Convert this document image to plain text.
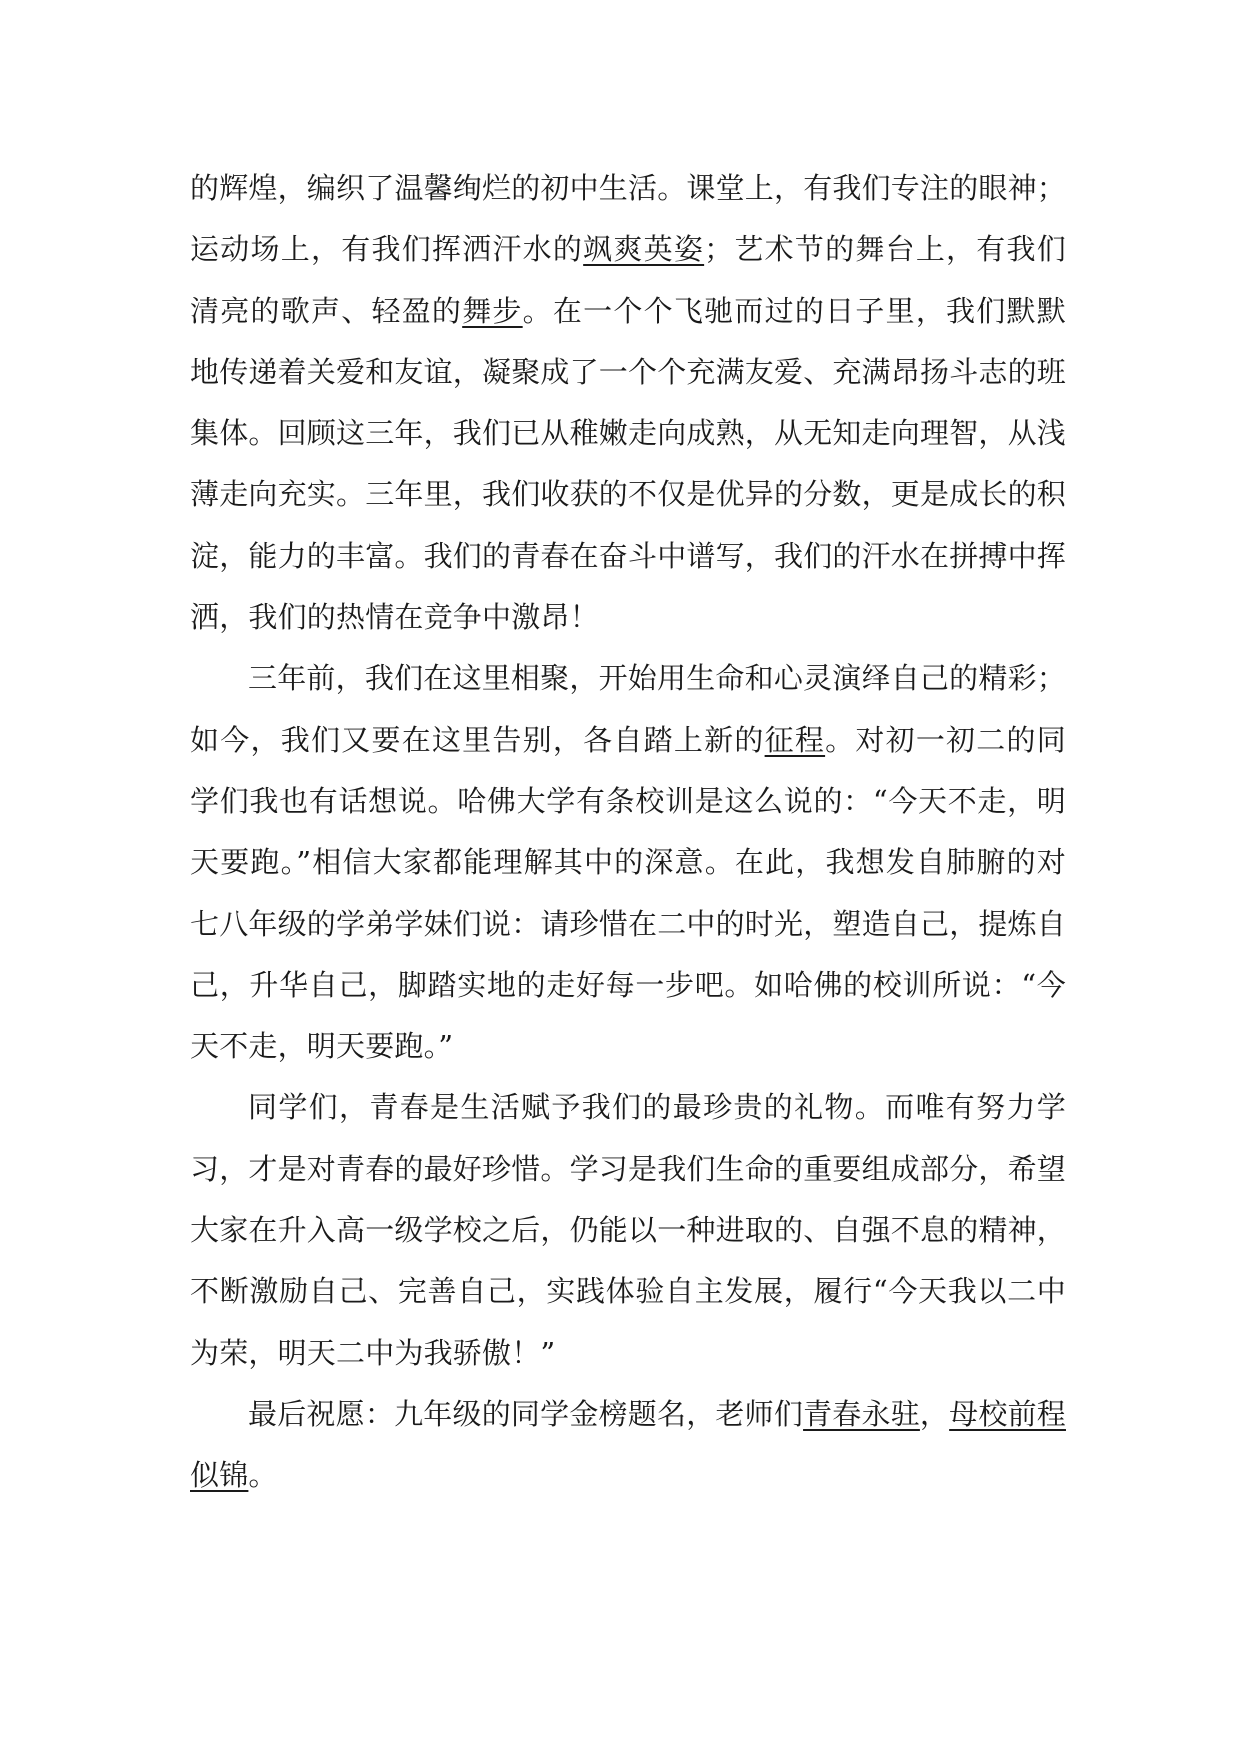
的辉煌，编织了温馨绚烂的初中生活。课堂上，有我们专注的眼神；运动场上，有我们挥洒汗水的飒爽英姿；艺术节的舞台上，有我们清亮的歌声、轻盈的舞步。在一个个飞驰而过的日子里，我们默默地传递着关爱和友谊，凝聚成了一个个充满友爱、充满昂扬斗志的班集体。回顾这三年，我们已从稚嫩走向成熟，从无知走向理智，从浅薄走向充实。三年里，我们收获的不仅是优异的分数，更是成长的积淀，能力的丰富。我们的青春在奋斗中谱写，我们的汗水在拼搏中挥洒，我们的热情在竞争中激昂！

三年前，我们在这里相聚，开始用生命和心灵演绎自己的精彩；如今，我们又要在这里告别，各自踏上新的征程。对初一初二的同学们我也有话想说。哈佛大学有条校训是这么说的：“今天不走，明天要跑。”相信大家都能理解其中的深意。在此，我想发自肺腑的对七八年级的学弟学妹们说：请珍惜在二中的时光，塑造自己，提炼自己，升华自己，脚踏实地的走好每一步吧。如哈佛的校训所说：“今天不走，明天要跑。”

同学们，青春是生活赋予我们的最珍贵的礼物。而唯有努力学习，才是对青春的最好珍惜。学习是我们生命的重要组成部分，希望大家在升入高一级学校之后，仍能以一种进取的、自强不息的精神，不断激励自己、完善自己，实践体验自主发展，履行“今天我以二中为荣，明天二中为我骄傲！”

最后祝愿：九年级的同学金榜题名，老师们青春永驻，母校前程似锦。
